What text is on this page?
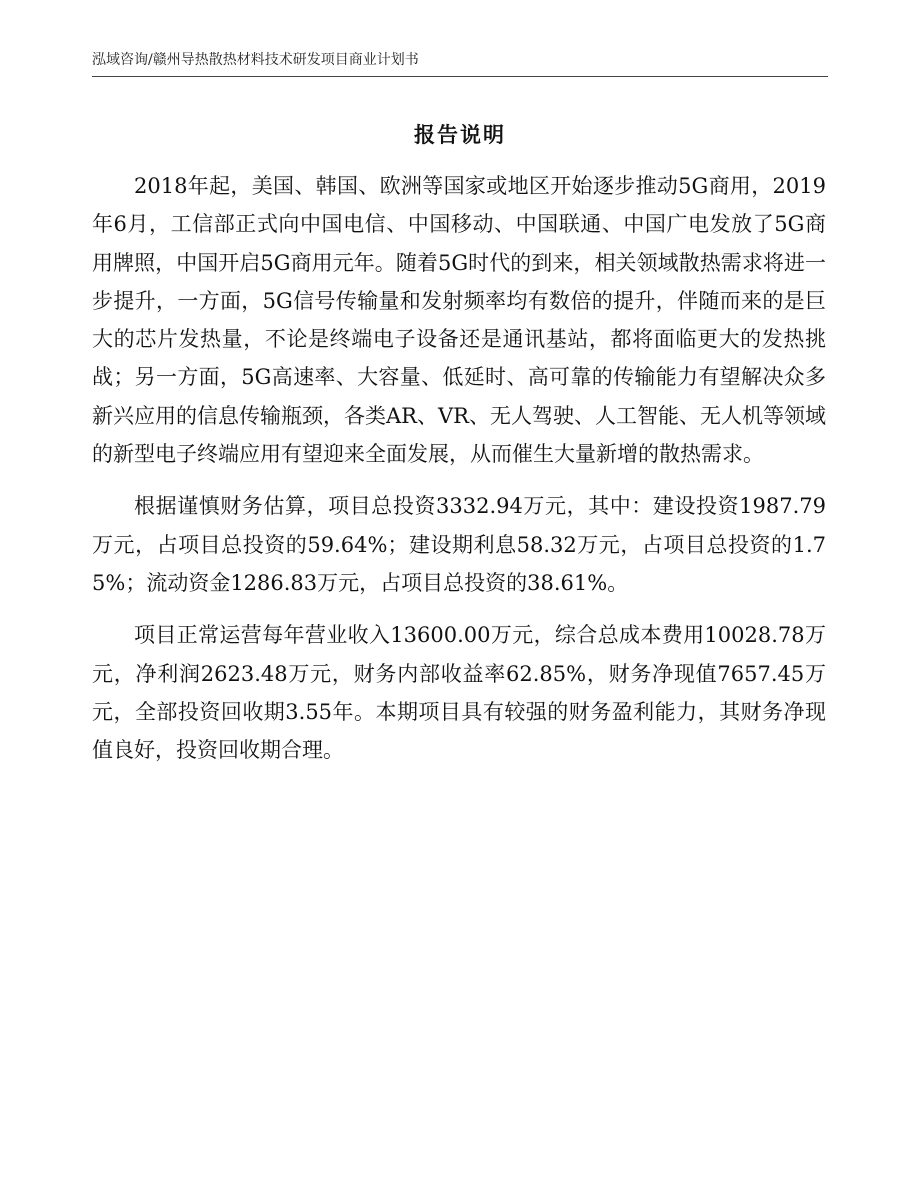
泓域咨询/赣州导热散热材料技术研发项目商业计划书
报告说明

2018年起，美国、韩国、欧洲等国家或地区开始逐步推动5G商用，2019年6月，工信部正式向中国电信、中国移动、中国联通、中国广电发放了5G商用牌照，中国开启5G商用元年。随着5G时代的到来，相关领域散热需求将进一步提升，一方面，5G信号传输量和发射频率均有数倍的提升，伴随而来的是巨大的芯片发热量，不论是终端电子设备还是通讯基站，都将面临更大的发热挑战；另一方面，5G高速率、大容量、低延时、高可靠的传输能力有望解决众多新兴应用的信息传输瓶颈，各类AR、VR、无人驾驶、人工智能、无人机等领域的新型电子终端应用有望迎来全面发展，从而催生大量新增的散热需求。

根据谨慎财务估算，项目总投资3332.94万元，其中：建设投资1987.79万元，占项目总投资的59.64%；建设期利息58.32万元，占项目总投资的1.75%；流动资金1286.83万元，占项目总投资的38.61%。

项目正常运营每年营业收入13600.00万元，综合总成本费用10028.78万元，净利润2623.48万元，财务内部收益率62.85%，财务净现值7657.45万元，全部投资回收期3.55年。本期项目具有较强的财务盈利能力，其财务净现值良好，投资回收期合理。
